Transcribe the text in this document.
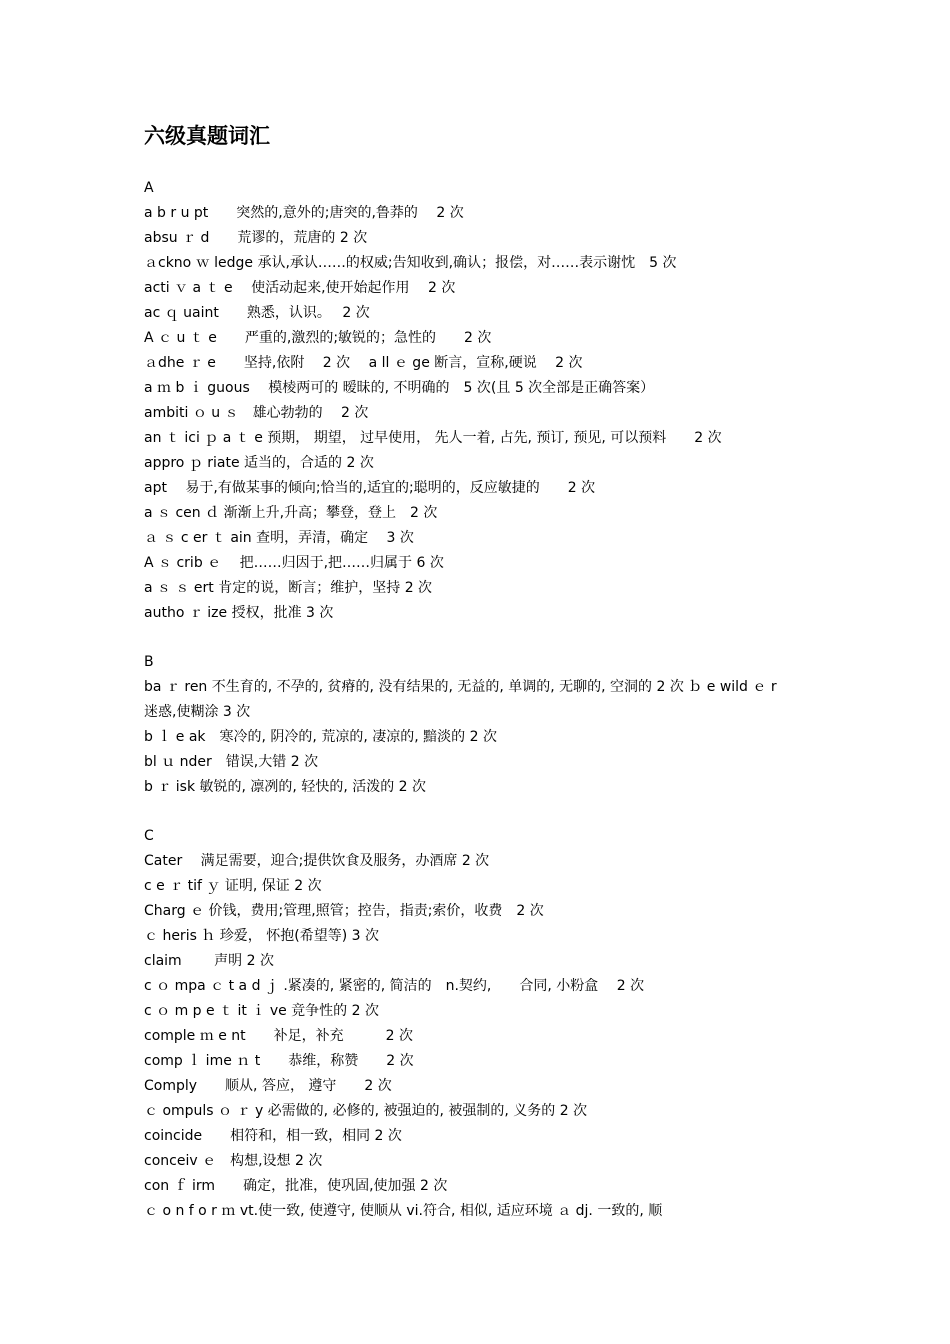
六级真题词汇
A
a b r u pt　　突然的,意外的;唐突的,鲁莽的　 2 次
absu ｒ d　　荒谬的，荒唐的 2 次
ａckno ｗ ledge 承认,承认……的权威;告知收到,确认；报偿，对……表示谢忱　5 次
acti ｖ a ｔ e　 使活动起来,使开始起作用　 2 次
ac ｑ uaint　　熟悉，认识。　 2 次
A ｃ u ｔ e　　严重的,激烈的;敏锐的；急性的　　2 次
ａdhe ｒ e　　坚持,依附　 2 次　 a ll ｅ ge 断言，宣称,硬说　 2 次
a ｍ b ｉ guous　 模棱两可的 暧昧的, 不明确的　5 次(且 5 次全部是正确答案）
ambiti ｏ u ｓ　雄心勃勃的　 2 次
an ｔ ici ｐ a ｔ e 预期， 期望， 过早使用， 先人一着, 占先, 预订, 预见, 可以预料　　2 次
appro ｐ riate 适当的，合适的 2 次
apt　 易于,有做某事的倾向;恰当的,适宜的;聪明的，反应敏捷的　　2 次
a ｓ cen ｄ 渐渐上升,升高；攀登，登上　2 次
ａ ｓ c er ｔ ain 查明，弄清，确定　 3 次
A ｓ crib ｅ　 把……归因于,把……归属于 6 次
a ｓ ｓ ert 肯定的说，断言；维护，坚持 2 次
autho ｒ ize 授权，批准 3 次
B
ba ｒ ren 不生育的, 不孕的, 贫瘠的, 没有结果的, 无益的, 单调的, 无聊的, 空洞的 2 次 ｂ e wild ｅ r　　 迷惑,使糊涂 3 次
b ｌ e ak　寒冷的, 阴冷的, 荒凉的, 凄凉的, 黯淡的 2 次
bl ｕ nder　错误,大错 2 次
b ｒ isk 敏锐的, 凛冽的, 轻快的, 活泼的 2 次
C
Cater　 满足需要，迎合;提供饮食及服务，办酒席 2 次
c e ｒ tif ｙ 证明, 保证 2 次
Charg ｅ 价钱，费用;管理,照管；控告，指责;索价，收费　2 次
ｃ heris ｈ 珍爱， 怀抱(希望等) 3 次
claim　　 声明 2 次
c ｏ mpa ｃ t a d ｊ .紧凑的, 紧密的, 简洁的　n.契约,　　合同, 小粉盒　 2 次
c ｏ m p e ｔ it ｉ ve 竞争性的 2 次
comple ｍ e nt　　补足，补充　　　2 次
comp ｌ ime ｎ t　　恭维，称赞　　2 次
Comply　　顺从, 答应， 遵守　　2 次
ｃ ompuls ｏ ｒ y 必需做的, 必修的, 被强迫的, 被强制的, 义务的 2 次
coincide　　相符和，相一致，相同 2 次
conceiv ｅ　构想,设想 2 次
con ｆ irm　　确定，批准，使巩固,使加强 2 次
ｃ o n f o r ｍ vt.使一致, 使遵守, 使顺从 vi.符合, 相似, 适应环境 ａ dj. 一致的, 顺
